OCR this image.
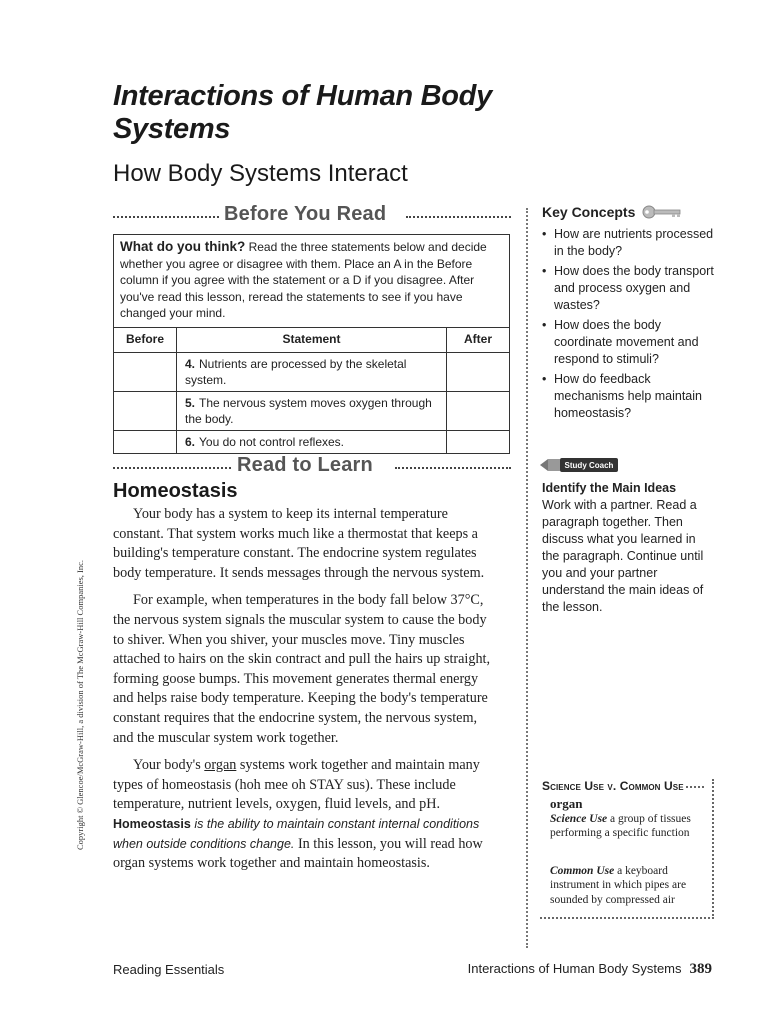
Interactions of Human Body Systems
How Body Systems Interact
Before You Read
What do you think? Read the three statements below and decide whether you agree or disagree with them. Place an A in the Before column if you agree with the statement or a D if you disagree. After you've read this lesson, reread the statements to see if you have changed your mind.
Before	Statement	After
	4. Nutrients are processed by the skeletal system.	
	5. The nervous system moves oxygen through the body.	
	6. You do not control reflexes.	
Key Concepts
• How are nutrients processed in the body?
• How does the body transport and process oxygen and wastes?
• How does the body coordinate movement and respond to stimuli?
• How do feedback mechanisms help maintain homeostasis?
Read to Learn
Homeostasis

Your body has a system to keep its internal temperature constant. That system works much like a thermostat that keeps a building's temperature constant. The endocrine system regulates body temperature. It sends messages through the nervous system.

For example, when temperatures in the body fall below 37°C, the nervous system signals the muscular system to cause the body to shiver. When you shiver, your muscles move. Tiny muscles attached to hairs on the skin contract and pull the hairs up straight, forming goose bumps. This movement generates thermal energy and helps raise body temperature. Keeping the body's temperature constant requires that the endocrine system, the nervous system, and the muscular system work together.

Your body's organ systems work together and maintain many types of homeostasis (hoh mee oh STAY sus). These include temperature, nutrient levels, oxygen, fluid levels, and pH. Homeostasis is the ability to maintain constant internal conditions when outside conditions change. In this lesson, you will read how organ systems work together and maintain homeostasis.

Study Coach
Identify the Main Ideas
Work with a partner. Read a paragraph together. Then discuss what you learned in the paragraph. Continue until you and your partner understand the main ideas of the lesson.
Science Use v. Common Use
organ
Science Use a group of tissues performing a specific function
Common Use a keyboard instrument in which pipes are sounded by compressed air
Copyright © Glencoe/McGraw-Hill, a division of The McGraw-Hill Companies, Inc.
Reading Essentials	Interactions of Human Body Systems 389
